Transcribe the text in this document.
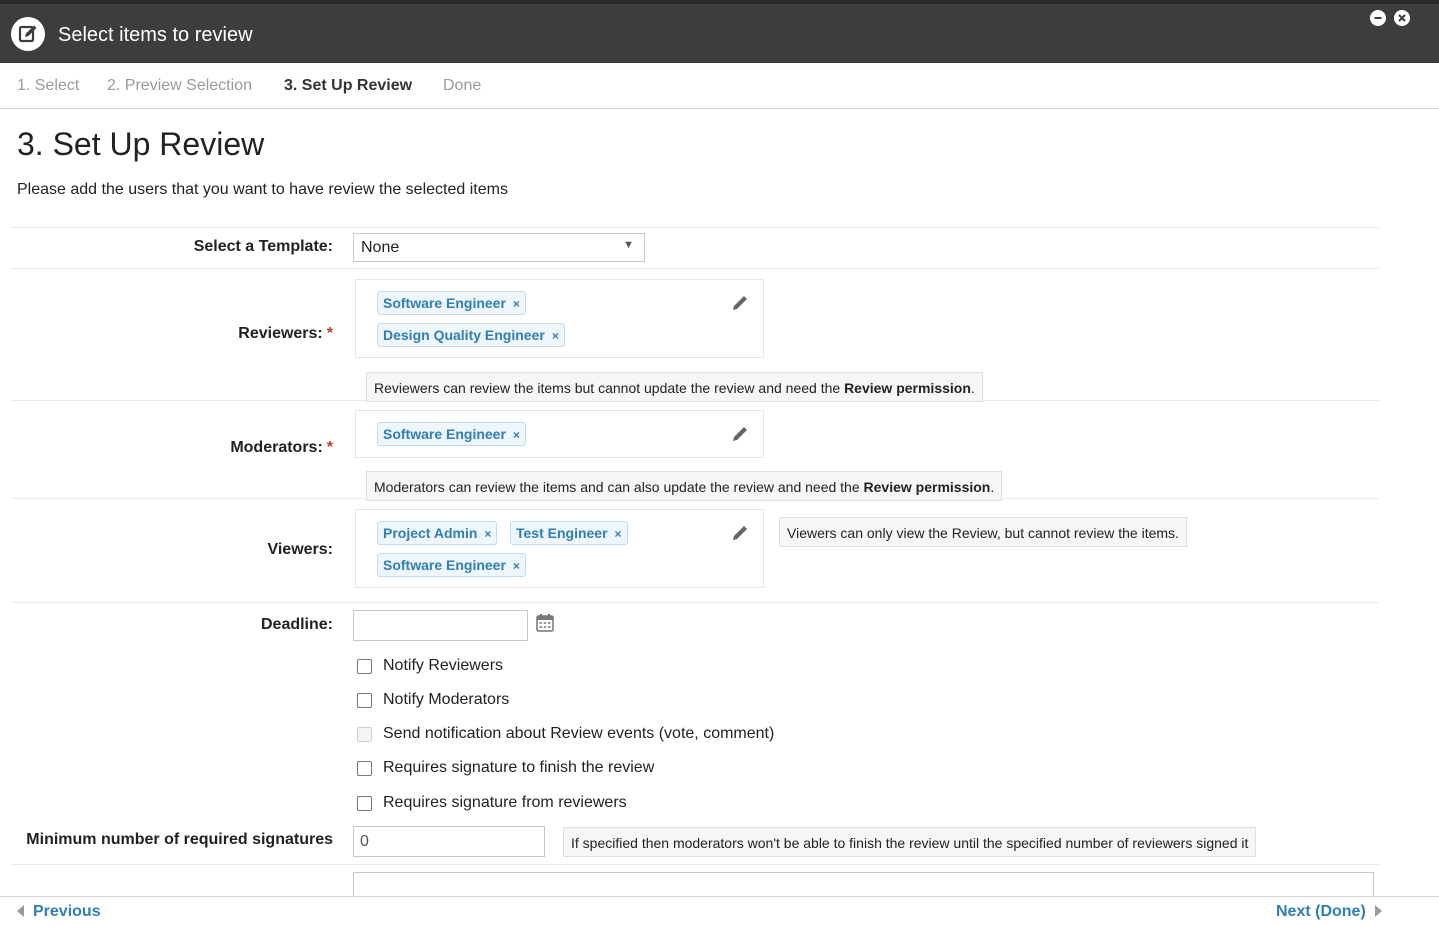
Select items to review
1. Select 2. Preview Selection 3. Set Up Review Done
3. Set Up Review
Please add the users that you want to have review the selected items
Select a Template:	None	▼
Reviewers: *
Software Engineer ×
Design Quality Engineer ×
Reviewers can review the items but cannot update the review and need the Review permission.
Moderators: *
Software Engineer ×
Moderators can review the items and can also update the review and need the Review permission.
Viewers:
Project Admin ×	Test Engineer ×
Software Engineer ×
Viewers can only view the Review, but cannot review the items.
Deadline:
Notify Reviewers
Notify Moderators
Send notification about Review events (vote, comment)
Requires signature to finish the review
Requires signature from reviewers
Minimum number of required signatures	0	If specified then moderators won't be able to finish the review until the specified number of reviewers signed it
Previous	Next (Done)
